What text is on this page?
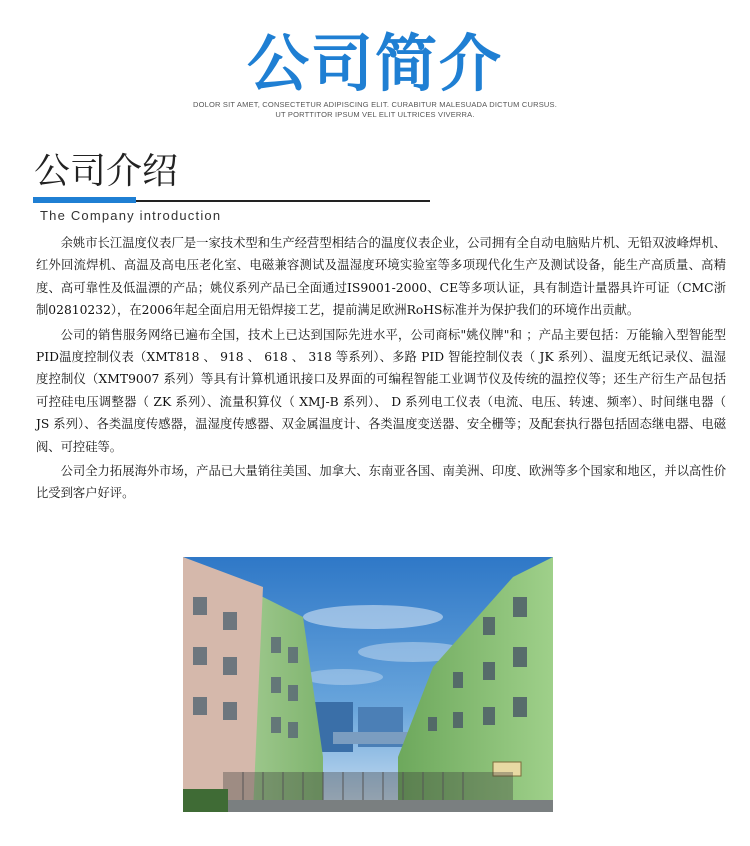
公司简介
DOLOR SIT AMET, CONSECTETUR ADIPISCING ELIT. CURABITUR MALESUADA DICTUM CURSUS.
UT PORTTITOR IPSUM VEL ELIT ULTRICES VIVERRA.
公司介绍
The Company introduction

余姚市长江温度仪表厂是一家技术型和生产经营型相结合的温度仪表企业，公司拥有全自动电脑贴片机、无铅双波峰焊机、红外回流焊机、高温及高电压老化室、电磁兼容测试及温湿度环境实验室等多项现代化生产及测试设备，能生产高质量、高精度、高可靠性及低温漂的产品；姚仪系列产品已全面通过IS9001-2000、CE等多项认证，具有制造计量器具许可证（CMC浙制02810232），在2006年起全面启用无铅焊接工艺，提前满足欧洲RoHS标准并为保护我们的环境作出贡献。

公司的销售服务网络已遍布全国，技术上已达到国际先进水平，公司商标"姚仪牌"和 ；产品主要包括：万能输入型智能型PID温度控制仪表（XMT818 、 918 、 618 、 318 等系列）、多路 PID 智能控制仪表（ JK 系列）、温度无纸记录仪、温湿度控制仪（XMT9007 系列）等具有计算机通讯接口及界面的可编程智能工业调节仪及传统的温控仪等；还生产衍生产品包括可控硅电压调整器（ ZK 系列）、流量积算仪（ XMJ-B 系列）、 D 系列电工仪表（电流、电压、转速、频率）、时间继电器（ JS 系列）、各类温度传感器，温湿度传感器、双金属温度计、各类温度变送器、安全栅等；及配套执行器包括固态继电器、电磁阀、可控硅等。

公司全力拓展海外市场，产品已大量销往美国、加拿大、东南亚各国、南美洲、印度、欧洲等多个国家和地区，并以高性价比受到客户好评。
